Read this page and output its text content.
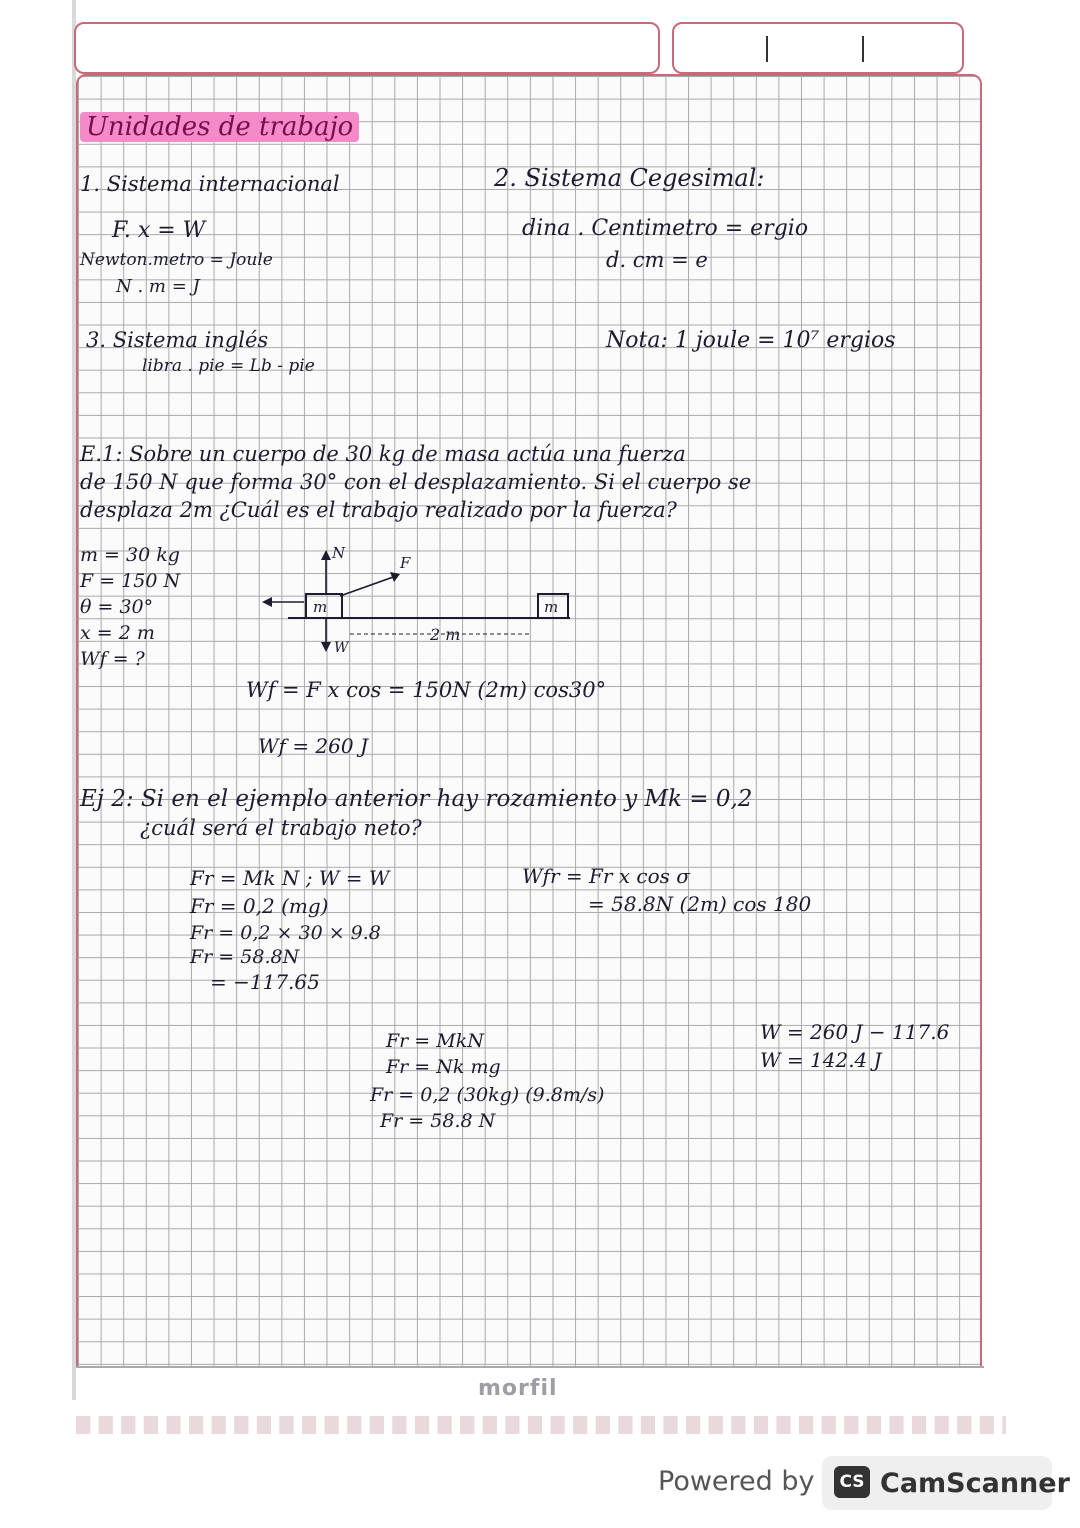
Unidades de trabajo
1. Sistema internacional
F. x = W
Newton.metro = Joule
N . m = J
2. Sistema Cegesimal:
dina . Centimetro = ergio
d. cm = e
3. Sistema inglés
libra . pie = Lb - pie
Nota: 1 joule = 10⁷ ergios
E.1: Sobre un cuerpo de 30 kg de masa actúa una fuerza
de 150 N que forma 30° con el desplazamiento. Si el cuerpo se
desplaza 2m ¿Cuál es el trabajo realizado por la fuerza?
m = 30 kg
F = 150 N
θ = 30°
x = 2 m
Wf = ?
N
F
m	m
W
2 m
Wf = F x cos = 150N (2m) cos30°
Wf = 260 J
Ej 2: Si en el ejemplo anterior hay rozamiento y Mk = 0,2
¿cuál será el trabajo neto?
Fr = Mk N ; W = W
Fr = 0,2 (mg)
Fr = 0,2 × 30 × 9.8
Fr = 58.8N
= −117.65
Wfr = Fr x cos σ
= 58.8N (2m) cos 180
Fr = MkN
Fr = Nk mg
Fr = 0,2 (30kg) (9.8m/s)
Fr = 58.8 N
W = 260 J − 117.6
W = 142.4 J
morfil
Powered by	CS CamScanner
